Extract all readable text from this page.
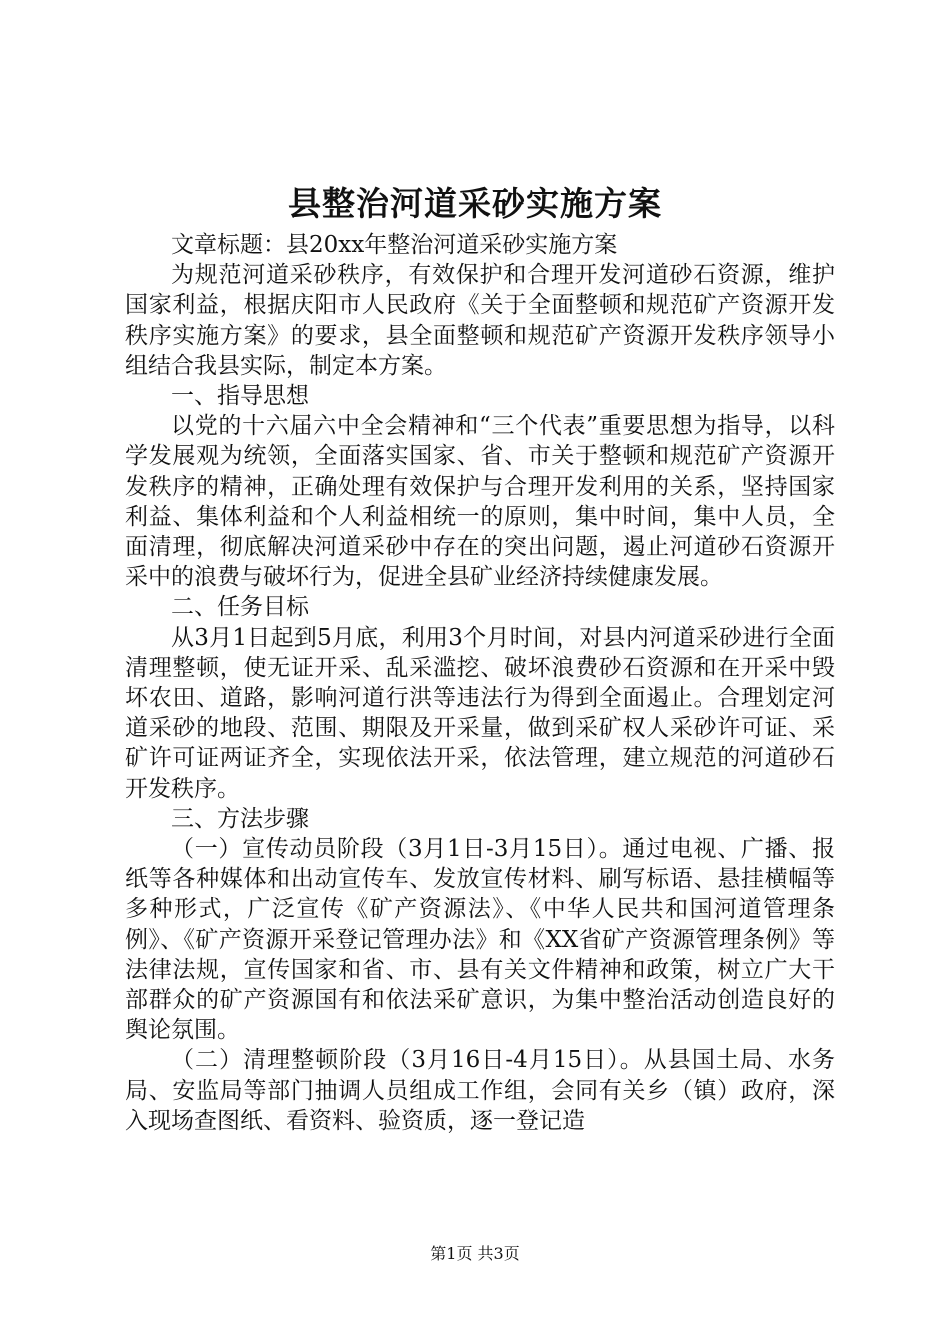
县整治河道采砂实施方案

文章标题：县20xx年整治河道采砂实施方案

为规范河道采砂秩序，有效保护和合理开发河道砂石资源，维护国家利益，根据庆阳市人民政府《关于全面整顿和规范矿产资源开发秩序实施方案》的要求，县全面整顿和规范矿产资源开发秩序领导小组结合我县实际，制定本方案。

一、指导思想

以党的十六届六中全会精神和“三个代表”重要思想为指导，以科学发展观为统领，全面落实国家、省、市关于整顿和规范矿产资源开发秩序的精神，正确处理有效保护与合理开发利用的关系，坚持国家利益、集体利益和个人利益相统一的原则，集中时间，集中人员，全面清理，彻底解决河道采砂中存在的突出问题，遏止河道砂石资源开采中的浪费与破坏行为，促进全县矿业经济持续健康发展。

二、任务目标

从3月1日起到5月底，利用3个月时间，对县内河道采砂进行全面清理整顿，使无证开采、乱采滥挖、破坏浪费砂石资源和在开采中毁坏农田、道路，影响河道行洪等违法行为得到全面遏止。合理划定河道采砂的地段、范围、期限及开采量，做到采矿权人采砂许可证、采矿许可证两证齐全，实现依法开采，依法管理，建立规范的河道砂石开发秩序。

三、方法步骤

（一）宣传动员阶段（3月1日-3月15日）。通过电视、广播、报纸等各种媒体和出动宣传车、发放宣传材料、刷写标语、悬挂横幅等多种形式，广泛宣传《矿产资源法》、《中华人民共和国河道管理条例》、《矿产资源开采登记管理办法》和《XX省矿产资源管理条例》等法律法规，宣传国家和省、市、县有关文件精神和政策，树立广大干部群众的矿产资源国有和依法采矿意识，为集中整治活动创造良好的舆论氛围。

（二）清理整顿阶段（3月16日-4月15日）。从县国土局、水务局、安监局等部门抽调人员组成工作组，会同有关乡（镇）政府，深入现场查图纸、看资料、验资质，逐一登记造

第1页 共3页
